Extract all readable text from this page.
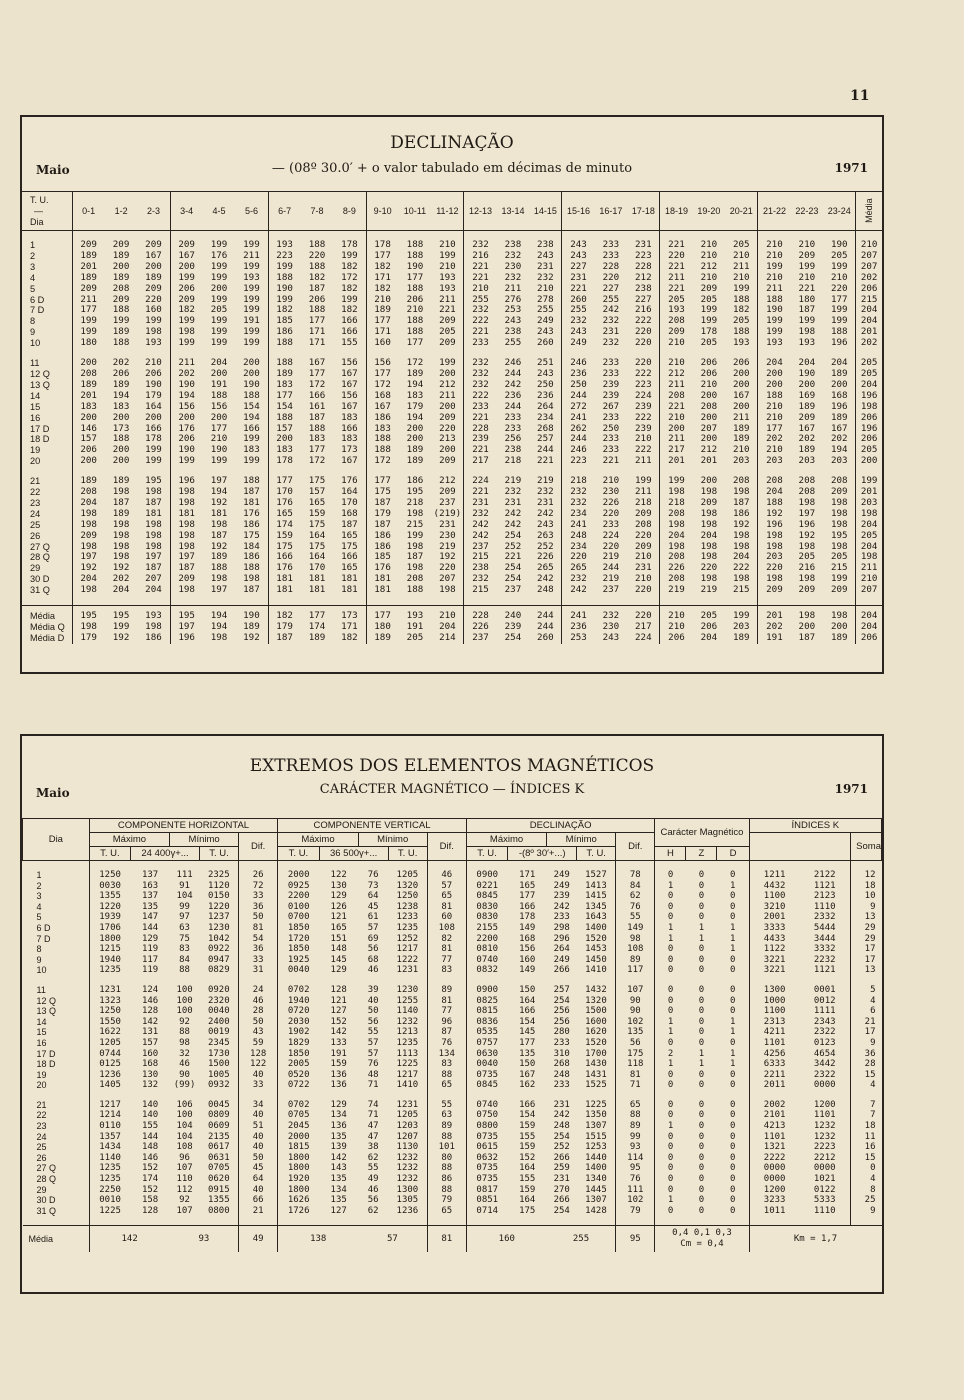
11
DECLINAÇÃO
Maio	— (08º 30.0′ + o valor tabulado em décimas de minuto	1971
T. U.
—
Dia	0-1	1-2	2-3	3-4	4-5	5-6	6-7	7-8	8-9	9-10	10-11	11-12	12-13	13-14	14-15	15-16	16-17	17-18	18-19	19-20	20-21	21-22	22-23	23-24	Média

1	209	209	209	209	199	199	193	188	178	178	188	210	232	238	238	243	233	231	221	210	205	210	210	190	210
2	189	189	167	167	176	211	223	220	199	177	188	199	216	232	243	243	233	223	220	210	210	210	209	205	207
3	201	200	200	200	199	199	199	188	182	182	190	210	221	230	231	227	228	228	221	212	211	199	199	199	207
4	189	189	189	199	199	193	188	182	172	171	177	193	221	232	232	231	220	212	211	210	210	210	210	210	202
5	209	208	209	206	200	199	190	187	182	182	188	193	210	211	210	221	227	238	221	209	199	211	221	220	206
6 D	211	209	220	209	199	199	199	206	199	210	206	211	255	276	278	260	255	227	205	205	188	188	180	177	215
7 D	177	188	160	182	205	199	182	188	182	189	210	221	232	253	255	255	242	216	193	199	182	190	187	199	204
8	199	199	199	199	199	191	185	177	166	177	188	209	222	243	249	232	232	222	208	199	205	199	199	199	204
9	199	189	198	198	199	199	186	171	166	171	188	205	221	238	243	243	231	220	209	178	188	199	198	188	201
10	180	188	193	199	199	199	188	171	155	160	177	209	233	255	260	249	232	220	210	205	193	193	193	196	202

11	200	202	210	211	204	200	188	167	156	156	172	199	232	246	251	246	233	220	210	206	206	204	204	204	205
12 Q	208	206	206	202	200	200	189	177	167	177	189	200	232	244	243	236	233	222	212	206	200	200	190	189	205
13 Q	189	189	190	190	191	190	183	172	167	172	194	212	232	242	250	250	239	223	211	210	200	200	200	200	204
14	201	194	179	194	188	188	177	166	156	168	183	211	222	236	236	244	239	224	208	200	167	188	169	168	196
15	183	183	164	156	156	154	154	161	167	167	179	200	233	244	264	272	267	239	221	208	200	210	189	196	198
16	200	200	200	200	200	194	188	187	183	186	194	209	221	233	234	241	233	222	210	200	211	210	209	189	206
17 D	146	173	166	176	177	166	157	188	166	183	200	220	228	233	268	262	250	239	200	207	189	177	167	167	196
18 D	157	188	178	206	210	199	200	183	183	188	200	213	239	256	257	244	233	210	211	200	189	202	202	202	206
19	206	200	199	190	190	183	183	177	173	188	189	200	221	238	244	246	233	222	217	212	210	210	189	194	205
20	200	200	199	199	199	199	178	172	167	172	189	209	217	218	221	223	221	211	201	201	203	203	203	203	200

21	189	189	195	196	197	188	177	175	176	177	186	212	224	219	219	218	210	199	199	200	208	208	208	208	199
22	208	198	198	198	194	187	170	157	164	175	195	209	221	232	232	232	230	211	198	198	198	204	208	209	201
23	204	187	187	198	192	181	176	165	170	187	218	237	231	231	231	232	226	218	218	209	187	188	198	198	203
24	198	189	181	181	181	176	165	159	168	179	198	(219)	232	242	242	234	220	209	208	198	186	192	197	198	198
25	198	198	198	198	198	186	174	175	187	187	215	231	242	242	243	241	233	208	198	198	192	196	196	198	204
26	209	198	198	198	187	175	159	164	165	186	199	230	242	254	263	248	224	220	204	204	198	198	192	195	205
27 Q	198	198	198	198	192	184	175	175	175	186	198	219	237	252	252	234	220	209	198	198	198	198	198	198	204
28 Q	197	198	197	197	189	186	166	164	166	185	187	192	215	221	226	220	219	210	208	198	204	203	205	205	198
29	192	192	187	187	188	188	176	170	165	176	198	220	238	254	265	265	244	231	226	220	222	220	216	215	211
30 D	204	202	207	209	198	198	181	181	181	181	208	207	232	254	242	232	219	210	208	198	198	198	198	199	210
31 Q	198	204	204	198	197	187	181	181	181	181	188	198	215	237	248	242	237	220	219	219	215	209	209	209	207

Média	195	195	193	195	194	190	182	177	173	177	193	210	228	240	244	241	232	220	210	205	199	201	198	198	204
Média Q	198	199	198	197	194	189	179	174	171	180	191	204	226	239	244	236	230	217	210	206	203	202	200	200	204
Média D	179	192	186	196	198	192	187	189	182	189	205	214	237	254	260	253	243	224	206	204	189	191	187	189	206
EXTREMOS DOS ELEMENTOS MAGNÉTICOS
Maio	CARÁCTER MAGNÉTICO — ÍNDICES K	1971
Dia	COMPONENTE HORIZONTAL					COMPONENTE VERTICAL					DECLINAÇÃO					Carácter Magnético			ÍNDICES K		
	Máximo		Mínimo		Dif.	Máximo		Mínimo		Dif.	Máximo		Mínimo		Dif.						Soma
	T. U.	24 400γ+...		T. U.		T. U.	36 500γ+...		T. U.		T. U.	-(8º 30′+...)		T. U.		H	Z	D			

1	1250	137	111	2325	26	2000	122	76	1205	46	0900	171	249	1527	78	0	0	0	1211	2122	12
2	0030	163	91	1120	72	0925	130	73	1320	57	0221	165	249	1413	84	1	0	1	4432	1121	18
3	1355	137	104	0150	33	2200	129	64	1250	65	0845	177	239	1415	62	0	0	0	1100	2123	10
4	1220	135	99	1220	36	0100	126	45	1238	81	0830	166	242	1345	76	0	0	0	3210	1110	9
5	1939	147	97	1237	50	0700	121	61	1233	60	0830	178	233	1643	55	0	0	0	2001	2332	13
6 D	1706	144	63	1230	81	1850	165	57	1235	108	2155	149	298	1400	149	1	1	1	3333	5444	29
7 D	1800	129	75	1042	54	1720	151	69	1252	82	2200	168	296	1520	98	1	1	1	4433	3444	29
8	1215	119	83	0922	36	1850	148	56	1217	81	0810	156	264	1453	108	0	0	1	1122	3332	17
9	1940	117	84	0947	33	1925	145	68	1222	77	0740	160	249	1450	89	0	0	0	3221	2232	17
10	1235	119	88	0829	31	0040	129	46	1231	83	0832	149	266	1410	117	0	0	0	3221	1121	13

11	1231	124	100	0920	24	0702	128	39	1230	89	0900	150	257	1432	107	0	0	0	1300	0001	5
12 Q	1323	146	100	2320	46	1940	121	40	1255	81	0825	164	254	1320	90	0	0	0	1000	0012	4
13 Q	1250	128	100	0040	28	0720	127	50	1140	77	0815	166	256	1500	90	0	0	0	1100	1111	6
14	1550	142	92	2400	50	2030	152	56	1232	96	0836	154	256	1600	102	1	0	1	2313	2343	21
15	1622	131	88	0019	43	1902	142	55	1213	87	0535	145	280	1620	135	1	0	1	4211	2322	17
16	1205	157	98	2345	59	1829	133	57	1235	76	0757	177	233	1520	56	0	0	0	1101	0123	9
17 D	0744	160	32	1730	128	1850	191	57	1113	134	0630	135	310	1700	175	2	1	1	4256	4654	36
18 D	0125	168	46	1500	122	2005	159	76	1225	83	0040	150	268	1430	118	1	1	1	6333	3442	28
19	1236	130	90	1005	40	0520	136	48	1217	88	0735	167	248	1431	81	0	0	0	2211	2322	15
20	1405	132	(99)	0932	33	0722	136	71	1410	65	0845	162	233	1525	71	0	0	0	2011	0000	4

21	1217	140	106	0045	34	0702	129	74	1231	55	0740	166	231	1225	65	0	0	0	2002	1200	7
22	1214	140	100	0809	40	0705	134	71	1205	63	0750	154	242	1350	88	0	0	0	2101	1101	7
23	0110	155	104	0609	51	2045	136	47	1203	89	0800	159	248	1307	89	1	0	0	4213	1232	18
24	1357	144	104	2135	40	2000	135	47	1207	88	0735	155	254	1515	99	0	0	0	1101	1232	11
25	1434	148	108	0617	40	1815	139	38	1130	101	0615	159	252	1253	93	0	0	0	1321	2223	16
26	1140	146	96	0631	50	1800	142	62	1232	80	0632	152	266	1440	114	0	0	0	2222	2212	15
27 Q	1235	152	107	0705	45	1800	143	55	1232	88	0735	164	259	1400	95	0	0	0	0000	0000	0
28 Q	1235	174	110	0620	64	1920	135	49	1232	86	0735	155	231	1340	76	0	0	0	0000	1021	4
29	2250	152	112	0915	40	1800	134	46	1300	88	0817	159	270	1445	111	0	0	0	1200	0122	8
30 D	0010	158	92	1355	66	1626	135	56	1305	79	0851	164	266	1307	102	1	0	0	3233	5333	25
31 Q	1225	128	107	0800	21	1726	127	62	1236	65	0714	175	254	1428	79	0	0	0	1011	1110	9

Média	142		93		49	138		57		81	160		255		95	0,4 0,1 0,3
Cm = 0,4			Km = 1,7		
